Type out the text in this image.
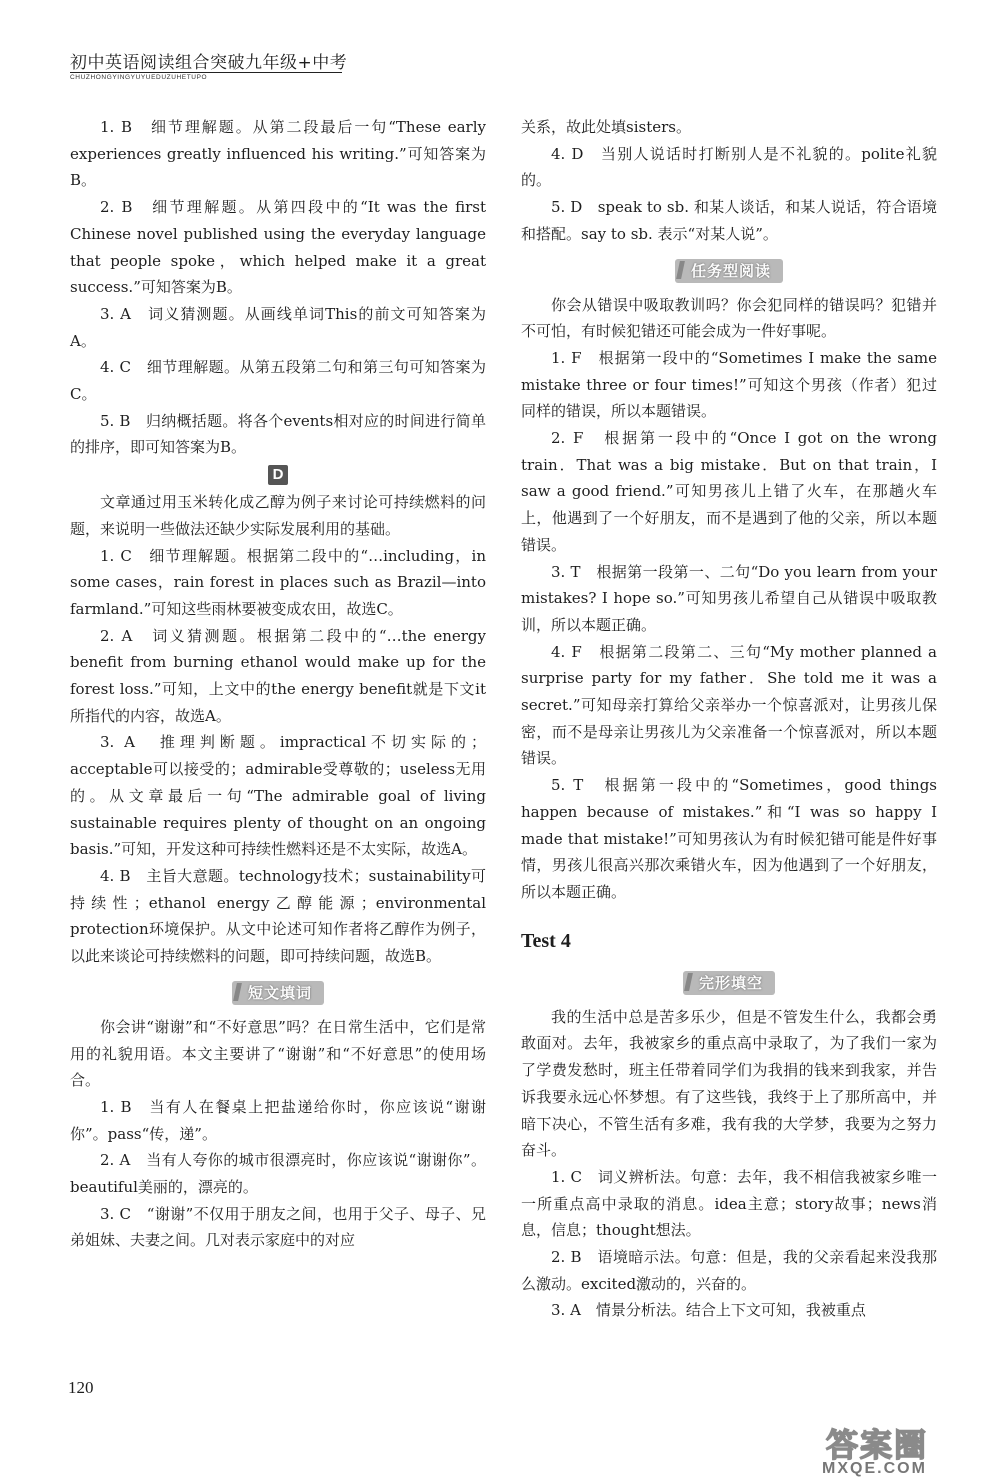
初中英语阅读组合突破九年级+中考
CHUZHONGYINGYUYUEDUZUHETUPO

1. B　细节理解题。从第二段最后一句“These early experiences greatly influenced his writing.”可知答案为B。

2. B　细节理解题。从第四段中的“It was the first Chinese novel published using the everyday language that people spoke，which helped make it a great success.”可知答案为B。

3. A　词义猜测题。从画线单词This的前文可知答案为A。

4. C　细节理解题。从第五段第二句和第三句可知答案为C。

5. B　归纳概括题。将各个events相对应的时间进行简单的排序，即可知答案为B。

D

文章通过用玉米转化成乙醇为例子来讨论可持续燃料的问题，来说明一些做法还缺少实际发展利用的基础。

1. C　细节理解题。根据第二段中的“…including，in some cases，rain forest in places such as Brazil—into farmland.”可知这些雨林要被变成农田，故选C。

2. A　词义猜测题。根据第二段中的“…the energy benefit from burning ethanol would make up for the forest loss.”可知，上文中的the energy benefit就是下文it所指代的内容，故选A。

3. A　推理判断题。impractical不切实际的；acceptable可以接受的；admirable受尊敬的；useless无用的。从文章最后一句“The admirable goal of living sustainable requires plenty of thought on an ongoing basis.”可知，开发这种可持续性燃料还是不太实际，故选A。

4. B　主旨大意题。technology技术；sustainability可持续性；ethanol energy乙醇能源；environmental protection环境保护。从文中论述可知作者将乙醇作为例子，以此来谈论可持续燃料的问题，即可持续问题，故选B。

短文填词

你会讲“谢谢”和“不好意思”吗？在日常生活中，它们是常用的礼貌用语。本文主要讲了“谢谢”和“不好意思”的使用场合。

1. B　当有人在餐桌上把盐递给你时，你应该说“谢谢你”。pass“传，递”。

2. A　当有人夸你的城市很漂亮时，你应该说“谢谢你”。beautiful美丽的，漂亮的。

3. C　“谢谢”不仅用于朋友之间，也用于父子、母子、兄弟姐妹、夫妻之间。几对表示家庭中的对应

关系，故此处填sisters。

4. D　当别人说话时打断别人是不礼貌的。polite礼貌的。

5. D　speak to sb. 和某人谈话，和某人说话，符合语境和搭配。say to sb. 表示“对某人说”。

任务型阅读

你会从错误中吸取教训吗？你会犯同样的错误吗？犯错并不可怕，有时候犯错还可能会成为一件好事呢。

1. F　根据第一段中的“Sometimes I make the same mistake three or four times!”可知这个男孩（作者）犯过同样的错误，所以本题错误。

2. F　根据第一段中的“Once I got on the wrong train．That was a big mistake．But on that train，I saw a good friend.”可知男孩儿上错了火车，在那趟火车上，他遇到了一个好朋友，而不是遇到了他的父亲，所以本题错误。

3. T　根据第一段第一、二句“Do you learn from your mistakes? I hope so.”可知男孩儿希望自己从错误中吸取教训，所以本题正确。

4. F　根据第二段第二、三句“My mother planned a surprise party for my father．She told me it was a secret.”可知母亲打算给父亲举办一个惊喜派对，让男孩儿保密，而不是母亲让男孩儿为父亲准备一个惊喜派对，所以本题错误。

5. T　根据第一段中的“Sometimes，good things happen because of mistakes.”和“I was so happy I made that mistake!”可知男孩认为有时候犯错可能是件好事情，男孩儿很高兴那次乘错火车，因为他遇到了一个好朋友，所以本题正确。

Test 4
完形填空

我的生活中总是苦多乐少，但是不管发生什么，我都会勇敢面对。去年，我被家乡的重点高中录取了，为了我们一家为了学费发愁时，班主任带着同学们为我捐的钱来到我家，并告诉我要永远心怀梦想。有了这些钱，我终于上了那所高中，并暗下决心，不管生活有多难，我有我的大学梦，我要为之努力奋斗。

1. C　词义辨析法。句意：去年，我不相信我被家乡唯一一所重点高中录取的消息。idea主意；story故事；news消息，信息；thought想法。

2. B　语境暗示法。句意：但是，我的父亲看起来没我那么激动。excited激动的，兴奋的。

3. A　情景分析法。结合上下文可知，我被重点

120
答案圈
MXQE.COM
